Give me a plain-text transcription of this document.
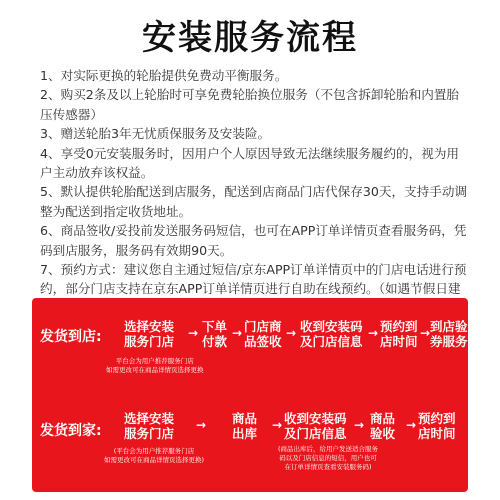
安装服务流程
1、对实际更换的轮胎提供免费动平衡服务。
2、购买2条及以上轮胎时可享免费轮胎换位服务（不包含拆卸轮胎和内置胎压传感器）
3、赠送轮胎3年无忧质保服务及安装险。
4、享受0元安装服务时，因用户个人原因导致无法继续服务履约的，视为用户主动放弃该权益。
5、默认提供轮胎配送到店服务，配送到店商品门店代保存30天，支持手动调整为配送到指定收货地址。
6、商品签收/妥投前发送服务码短信，也可在APP订单详情页查看服务码，凭码到店服务，服务码有效期90天。
7、预约方式：建议您自主通过短信/京东APP订单详情页中的门店电话进行预约，部分门店支持在京东APP订单详情页进行自助在线预约。（如遇节假日建
发货到店:
选择安装
服务门店
→ 下单
付款
→ 门店商
品签收
→ 收到安装码
及门店信息
→ 预约到
店时间
→ 到店验
券服务
平台会为用户推荐服务门店
如需更改可在商品详情页选择更换
发货到家:
选择安装
服务门店
→ 商品
出库
→ 收到安装码
及门店信息
→ 商品
验收
→ 预约到
店时间
(平台会为用户推荐服务门店
如需更改可在商品详情页选择更换)
(商品出库后，给用户发送适合服务
码以及门店信息的短信，用户也可
在订单详情页查看安装服务码)
